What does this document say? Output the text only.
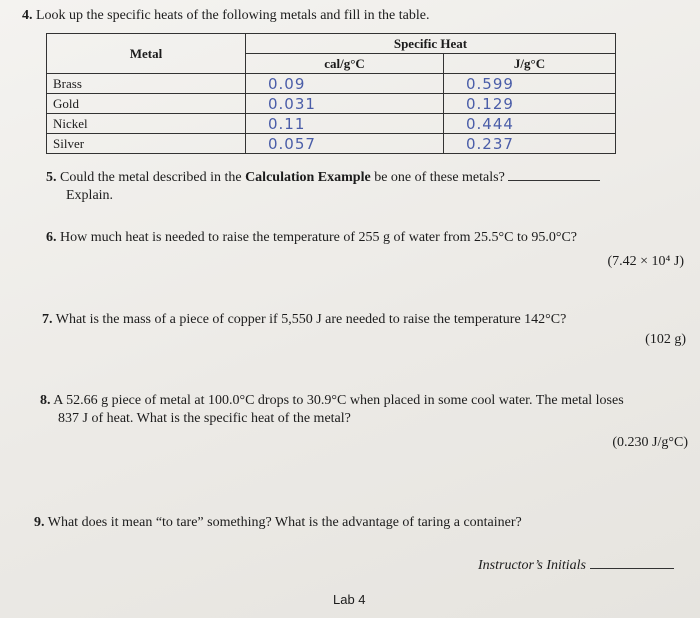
4. Look up the specific heats of the following metals and fill in the table.
Metal	Specific Heat	
	cal/g°C	J/g°C
Brass	0.09	0.599
Gold	0.031	0.129
Nickel	0.11	0.444
Silver	0.057	0.237
5. Could the metal described in the Calculation Example be one of these metals?
Explain.
6. How much heat is needed to raise the temperature of 255 g of water from 25.5°C to 95.0°C?
(7.42 × 10⁴ J)
7. What is the mass of a piece of copper if 5,550 J are needed to raise the temperature 142°C?
(102 g)
8. A 52.66 g piece of metal at 100.0°C drops to 30.9°C when placed in some cool water. The metal loses
837 J of heat. What is the specific heat of the metal?
(0.230 J/g°C)
9. What does it mean “to tare” something? What is the advantage of taring a container?
Instructor’s Initials
Lab 4
